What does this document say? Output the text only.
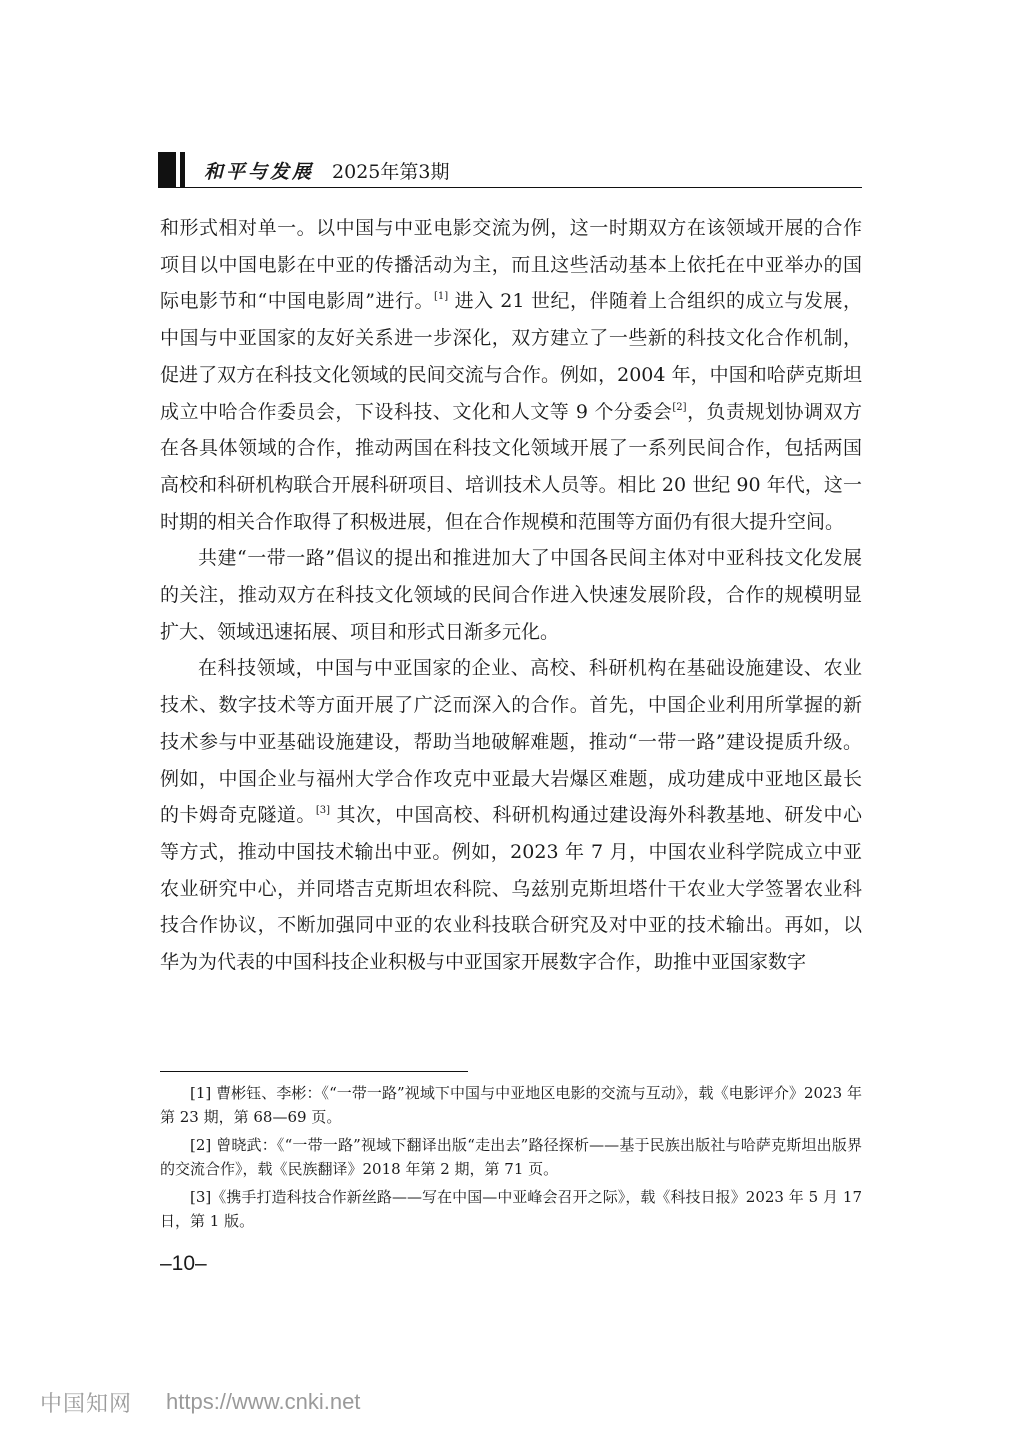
和平与发展 2025年第3期

和形式相对单一。以中国与中亚电影交流为例，这一时期双方在该领域开展的合作项目以中国电影在中亚的传播活动为主，而且这些活动基本上依托在中亚举办的国际电影节和“中国电影周”进行。[1] 进入 21 世纪，伴随着上合组织的成立与发展，中国与中亚国家的友好关系进一步深化，双方建立了一些新的科技文化合作机制，促进了双方在科技文化领域的民间交流与合作。例如，2004 年，中国和哈萨克斯坦成立中哈合作委员会，下设科技、文化和人文等 9 个分委会[2]，负责规划协调双方在各具体领域的合作，推动两国在科技文化领域开展了一系列民间合作，包括两国高校和科研机构联合开展科研项目、培训技术人员等。相比 20 世纪 90 年代，这一时期的相关合作取得了积极进展，但在合作规模和范围等方面仍有很大提升空间。

共建“一带一路”倡议的提出和推进加大了中国各民间主体对中亚科技文化发展的关注，推动双方在科技文化领域的民间合作进入快速发展阶段，合作的规模明显扩大、领域迅速拓展、项目和形式日渐多元化。

在科技领域，中国与中亚国家的企业、高校、科研机构在基础设施建设、农业技术、数字技术等方面开展了广泛而深入的合作。首先，中国企业利用所掌握的新技术参与中亚基础设施建设，帮助当地破解难题，推动“一带一路”建设提质升级。例如，中国企业与福州大学合作攻克中亚最大岩爆区难题，成功建成中亚地区最长的卡姆奇克隧道。[3] 其次，中国高校、科研机构通过建设海外科教基地、研发中心等方式，推动中国技术输出中亚。例如，2023 年 7 月，中国农业科学院成立中亚农业研究中心，并同塔吉克斯坦农科院、乌兹别克斯坦塔什干农业大学签署农业科技合作协议，不断加强同中亚的农业科技联合研究及对中亚的技术输出。再如，以华为为代表的中国科技企业积极与中亚国家开展数字合作，助推中亚国家数字

[1] 曹彬钰、李彬：《“一带一路”视域下中国与中亚地区电影的交流与互动》，载《电影评介》2023 年第 23 期，第 68—69 页。

[2] 曾晓武：《“一带一路”视域下翻译出版“走出去”路径探析——基于民族出版社与哈萨克斯坦出版界的交流合作》，载《民族翻译》2018 年第 2 期，第 71 页。

[3]《携手打造科技合作新丝路——写在中国—中亚峰会召开之际》，载《科技日报》2023 年 5 月 17 日，第 1 版。

–10–
中国知网 https://www.cnki.net
